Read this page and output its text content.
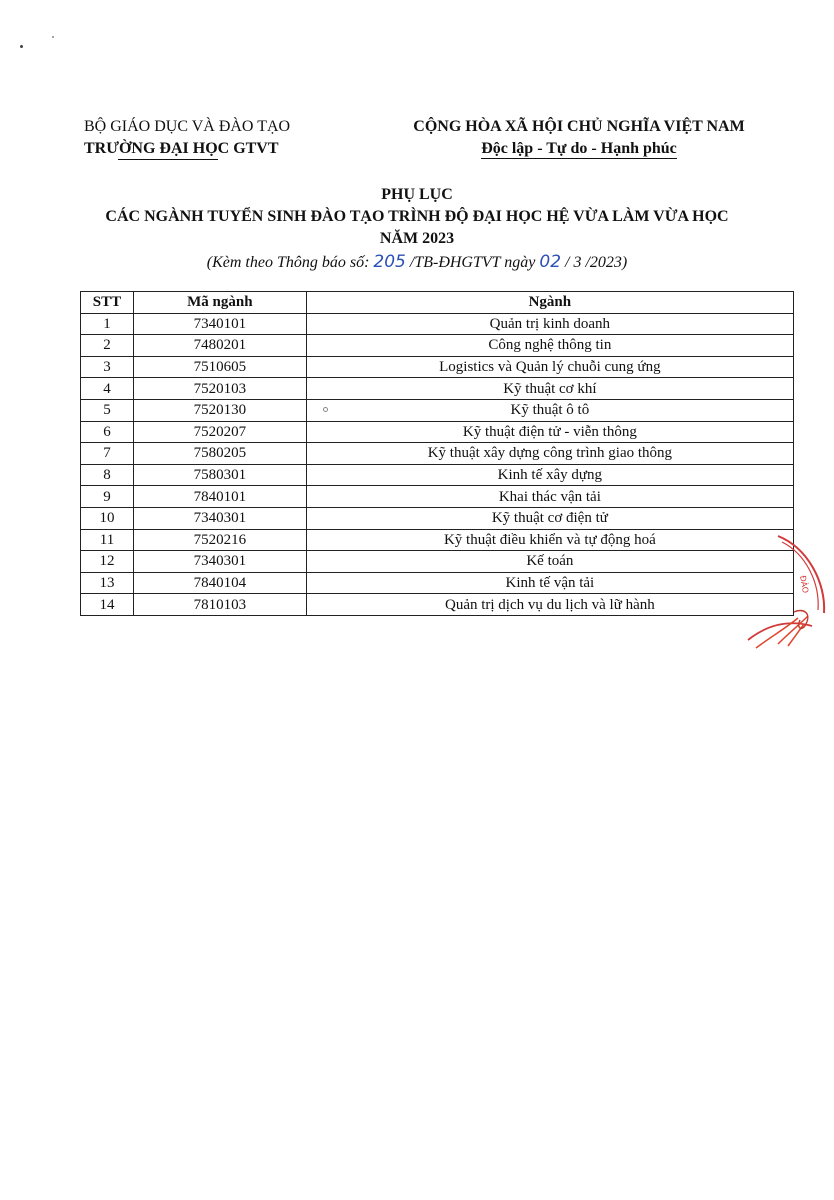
BỘ GIÁO DỤC VÀ ĐÀO TẠO
TRƯỜNG ĐẠI HỌC GTVT
CỘNG HÒA XÃ HỘI CHỦ NGHĨA VIỆT NAM
Độc lập - Tự do - Hạnh phúc
PHỤ LỤC
CÁC NGÀNH TUYỂN SINH ĐÀO TẠO TRÌNH ĐỘ ĐẠI HỌC HỆ VỪA LÀM VỪA HỌC
NĂM 2023
(Kèm theo Thông báo số: 205 /TB-ĐHGTVT ngày 02 / 3 /2023)
STT	Mã ngành	Ngành
1	7340101	Quản trị kinh doanh
2	7480201	Công nghệ thông tin
3	7510605	Logistics và Quản lý chuỗi cung ứng
4	7520103	Kỹ thuật cơ khí
5	7520130	Kỹ thuật ô tô
6	7520207	Kỹ thuật điện tử - viễn thông
7	7580205	Kỹ thuật xây dựng công trình giao thông
8	7580301	Kinh tế xây dựng
9	7840101	Khai thác vận tải
10	7340301	Kỹ thuật cơ điện tử
11	7520216	Kỹ thuật điều khiển và tự động hoá
12	7340301	Kế toán
13	7840104	Kinh tế vận tải
14	7810103	Quản trị dịch vụ du lịch và lữ hành
ĐÀO
